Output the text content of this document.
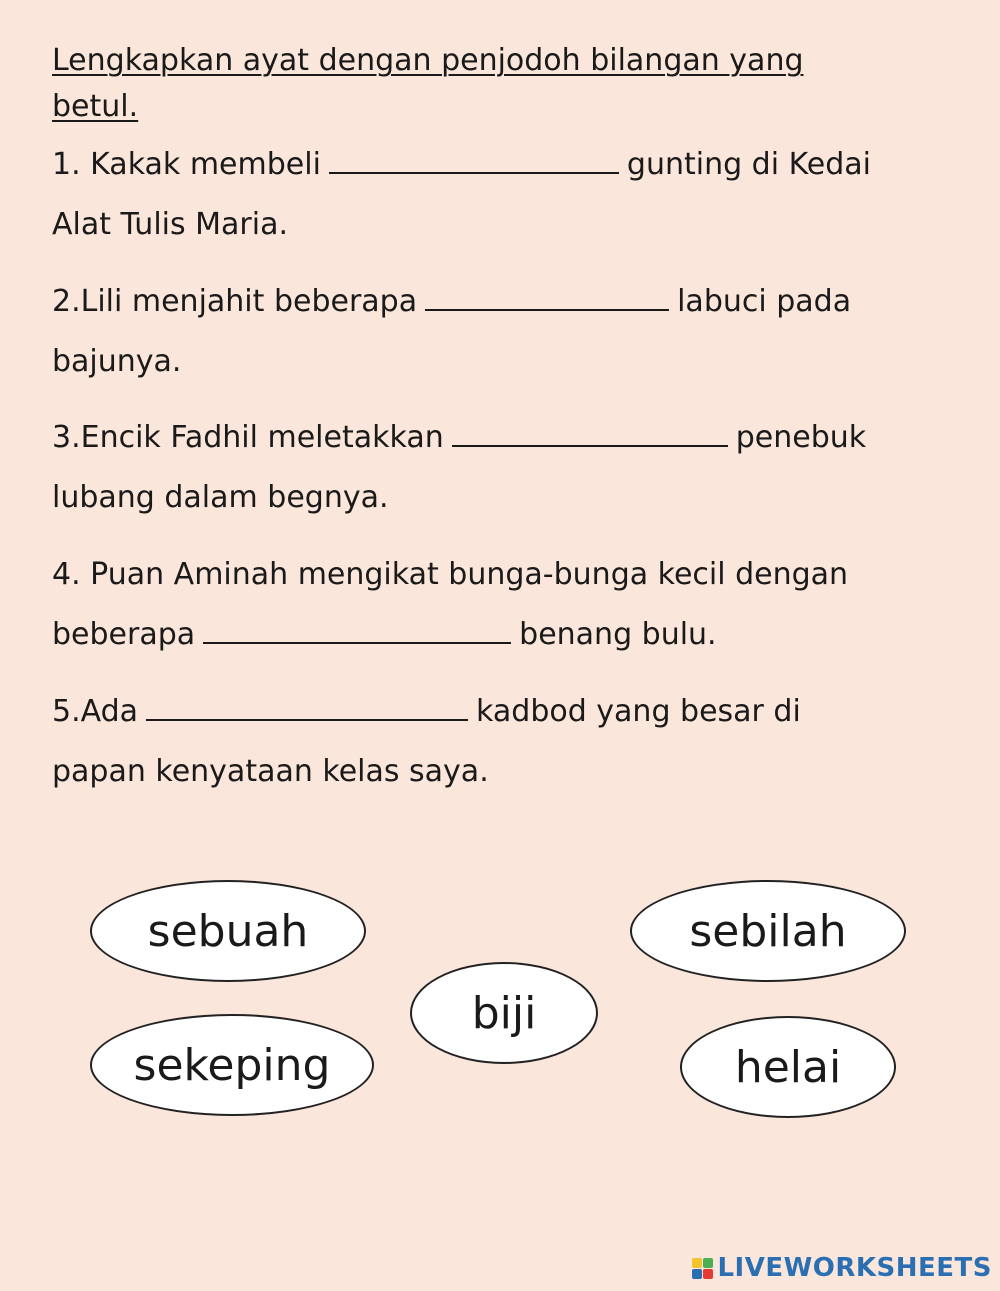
Lengkapkan ayat dengan penjodoh bilangan yang
betul.
1. Kakak membeli	gunting di Kedai
Alat Tulis Maria.
2.Lili menjahit beberapa	labuci pada
bajunya.
3.Encik Fadhil meletakkan	penebuk
lubang dalam begnya.
4. Puan Aminah mengikat bunga-bunga kecil dengan
beberapa	benang bulu.
5.Ada	kadbod yang besar di
papan kenyataan kelas saya.
sebuah	sebilah
biji
sekeping	helai
LIVEWORKSHEETS
